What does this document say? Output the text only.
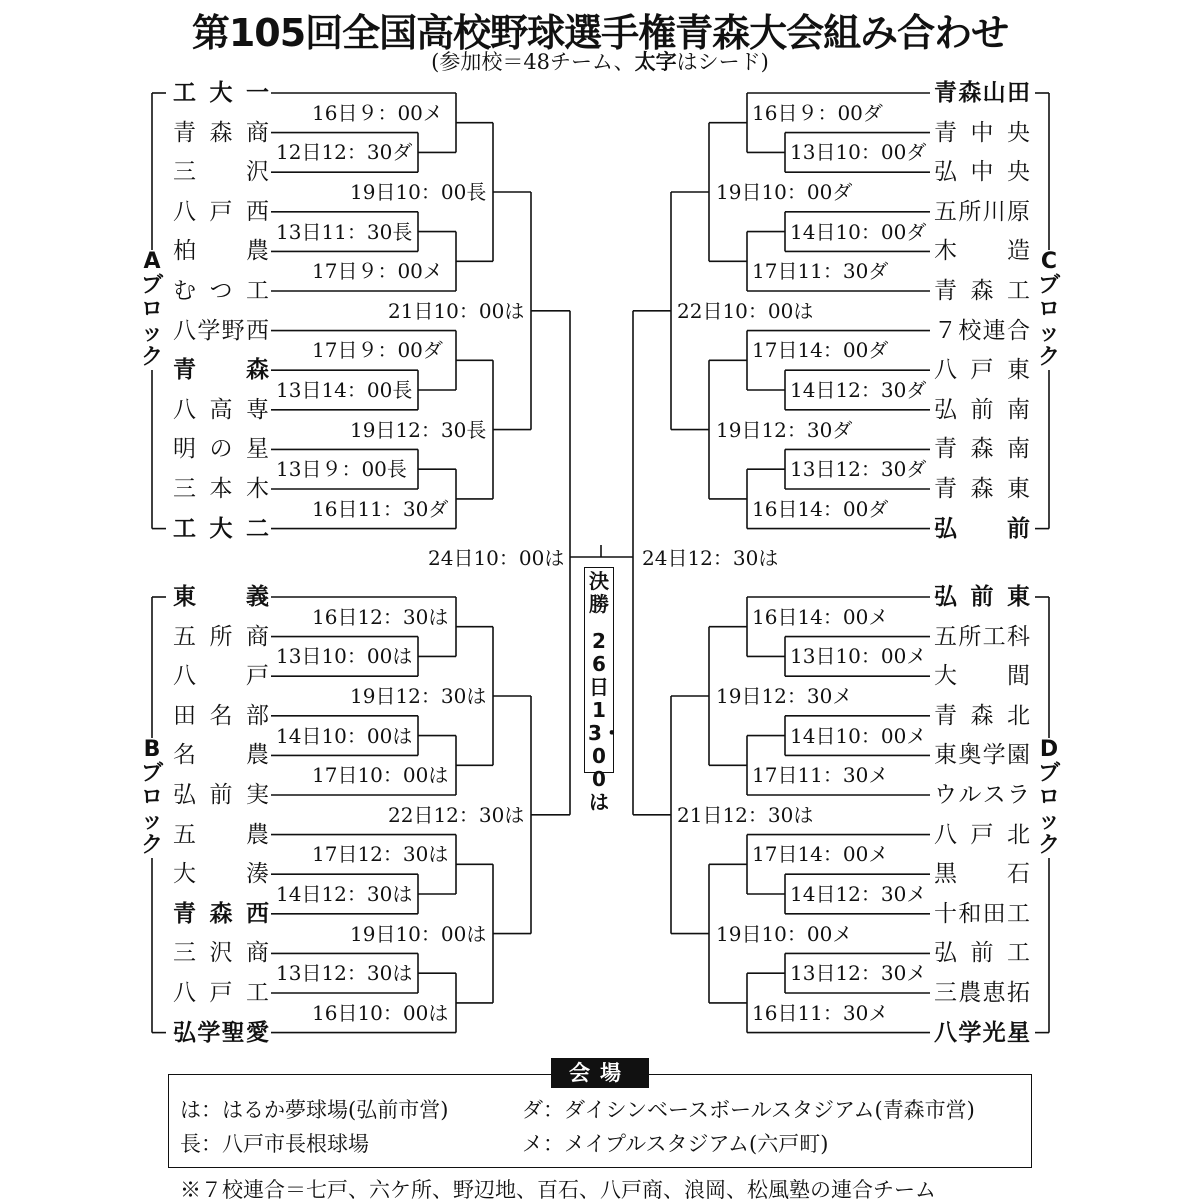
第105回全国高校野球選手権青森大会組み合わせ
(参加校＝48チーム、太字はシード)
工 大 一
青 森 商
三 沢
八 戸 西
柏 農
む つ 工
八 学 野 西
青 森
八 高 専
明 の 星
三 本 木
工 大 二
東 義
五 所 商
八 戸
田 名 部
名 農
弘 前 実
五 農
大 湊
青 森 西
三 沢 商
八 戸 工
弘 学 聖 愛
青 森 山 田
青 中 央
弘 中 央
五 所 川 原
木 造
青 森 工
７ 校 連 合
八 戸 東
弘 前 南
青 森 南
青 森 東
弘 前
弘 前 東
五 所 工 科
大 間
青 森 北
東 奥 学 園
ウ ル ス ラ
八 戸 北
黒 石
十 和 田 工
弘 前 工
三 農 恵 拓
八 学 光 星
12日12：30ダ
13日11：30長
13日14：00長
13日９：00長
16日９：00メ
17日９：00メ
17日９：00ダ
16日11：30ダ
19日10：00長
19日12：30長
21日10：00は
13日10：00は
14日10：00は
14日12：30は
13日12：30は
16日12：30は
17日10：00は
17日12：30は
16日10：00は
19日12：30は
19日10：00は
22日12：30は
13日10：00ダ
14日10：00ダ
14日12：30ダ
13日12：30ダ
16日９：00ダ
17日11：30ダ
17日14：00ダ
16日14：00ダ
19日10：00ダ
19日12：30ダ
22日10：00は
13日10：00メ
14日10：00メ
14日12：30メ
13日12：30メ
16日14：00メ
17日11：30メ
17日14：00メ
16日11：30メ
19日12：30メ
19日10：00メ
21日12：30は
A
ブ
ロ
ッ
ク
B
ブ
ロ
ッ
ク
C
ブ
ロ
ッ
ク
D
ブ
ロ
ッ
ク
24日10：00は	24日12：30は
決勝
26日13・00は
会場
は：はるか夢球場(弘前市営)	ダ：ダイシンベースボールスタジアム(青森市営)
長：八戸市長根球場	メ：メイプルスタジアム(六戸町)
※７校連合＝七戸、六ケ所、野辺地、百石、八戸商、浪岡、松風塾の連合チーム
